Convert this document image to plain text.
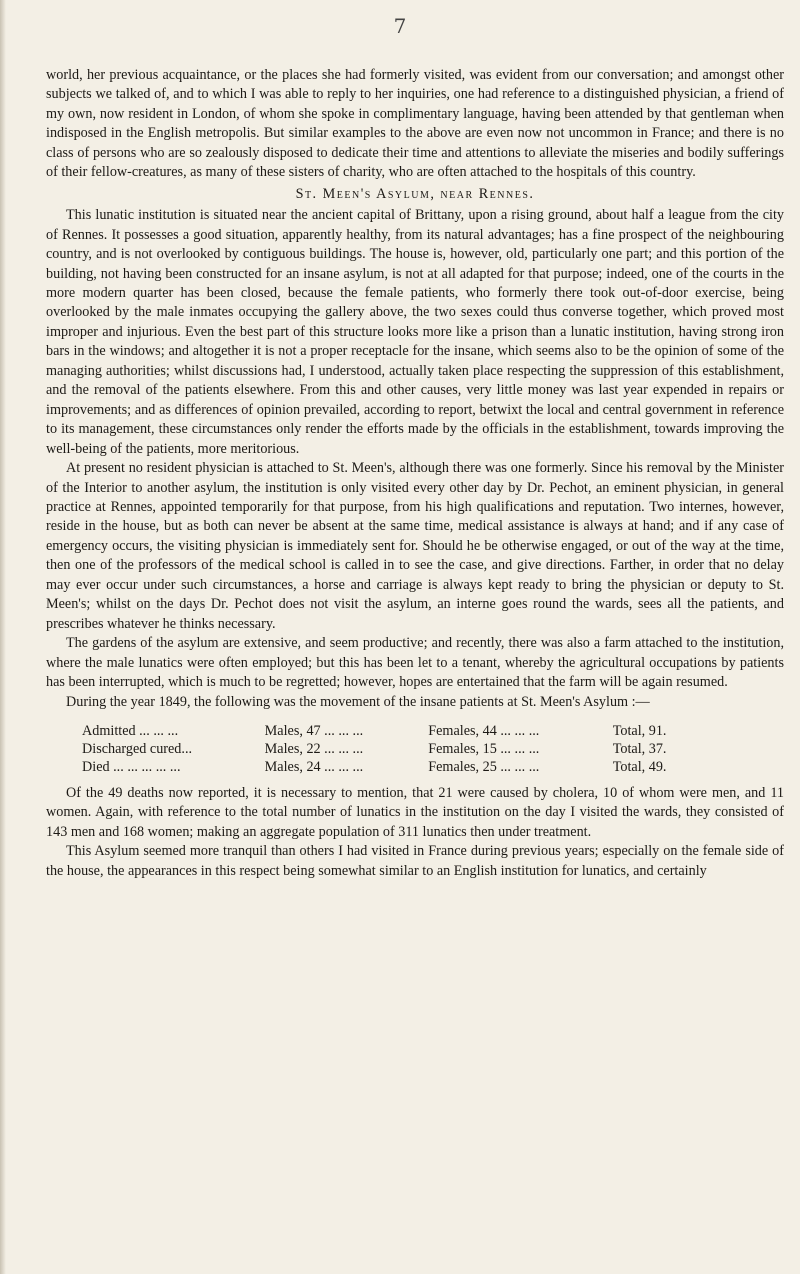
7

world, her previous acquaintance, or the places she had formerly visited, was evident from our conversation; and amongst other subjects we talked of, and to which I was able to reply to her inquiries, one had reference to a distinguished physician, a friend of my own, now resident in London, of whom she spoke in complimentary language, having been attended by that gentleman when indisposed in the English metropolis. But similar examples to the above are even now not uncommon in France; and there is no class of persons who are so zealously disposed to dedicate their time and attentions to alleviate the miseries and bodily sufferings of their fellow-creatures, as many of these sisters of charity, who are often attached to the hospitals of this country.

St. Meen's Asylum, near Rennes.

This lunatic institution is situated near the ancient capital of Brittany, upon a rising ground, about half a league from the city of Rennes. It possesses a good situation, apparently healthy, from its natural advantages; has a fine prospect of the neighbouring country, and is not overlooked by contiguous buildings. The house is, however, old, particularly one part; and this portion of the building, not having been constructed for an insane asylum, is not at all adapted for that purpose; indeed, one of the courts in the more modern quarter has been closed, because the female patients, who formerly there took out-of-door exercise, being overlooked by the male inmates occupying the gallery above, the two sexes could thus converse together, which proved most improper and injurious. Even the best part of this structure looks more like a prison than a lunatic institution, having strong iron bars in the windows; and altogether it is not a proper receptacle for the insane, which seems also to be the opinion of some of the managing authorities; whilst discussions had, I understood, actually taken place respecting the suppression of this establishment, and the removal of the patients elsewhere. From this and other causes, very little money was last year expended in repairs or improvements; and as differences of opinion prevailed, according to report, betwixt the local and central government in reference to its management, these circumstances only render the efforts made by the officials in the establishment, towards improving the well-being of the patients, more meritorious.

At present no resident physician is attached to St. Meen's, although there was one formerly. Since his removal by the Minister of the Interior to another asylum, the institution is only visited every other day by Dr. Pechot, an eminent physician, in general practice at Rennes, appointed temporarily for that purpose, from his high qualifications and reputation. Two internes, however, reside in the house, but as both can never be absent at the same time, medical assistance is always at hand; and if any case of emergency occurs, the visiting physician is immediately sent for. Should he be otherwise engaged, or out of the way at the time, then one of the professors of the medical school is called in to see the case, and give directions. Farther, in order that no delay may ever occur under such circumstances, a horse and carriage is always kept ready to bring the physician or deputy to St. Meen's; whilst on the days Dr. Pechot does not visit the asylum, an interne goes round the wards, sees all the patients, and prescribes whatever he thinks necessary.

The gardens of the asylum are extensive, and seem productive; and recently, there was also a farm attached to the institution, where the male lunatics were often employed; but this has been let to a tenant, whereby the agricultural occupations by patients has been interrupted, which is much to be regretted; however, hopes are entertained that the farm will be again resumed.

During the year 1849, the following was the movement of the insane patients at St. Meen's Asylum :—

Admitted ... ... ...	Males, 47 ... ... ...	Females, 44 ... ... ...	Total, 91.
Discharged cured...	Males, 22 ... ... ...	Females, 15 ... ... ...	Total, 37.
Died ... ... ... ... ...	Males, 24 ... ... ...	Females, 25 ... ... ...	Total, 49.

Of the 49 deaths now reported, it is necessary to mention, that 21 were caused by cholera, 10 of whom were men, and 11 women. Again, with reference to the total number of lunatics in the institution on the day I visited the wards, they consisted of 143 men and 168 women; making an aggregate population of 311 lunatics then under treatment.

This Asylum seemed more tranquil than others I had visited in France during previous years; especially on the female side of the house, the appearances in this respect being somewhat similar to an English institution for lunatics, and certainly
